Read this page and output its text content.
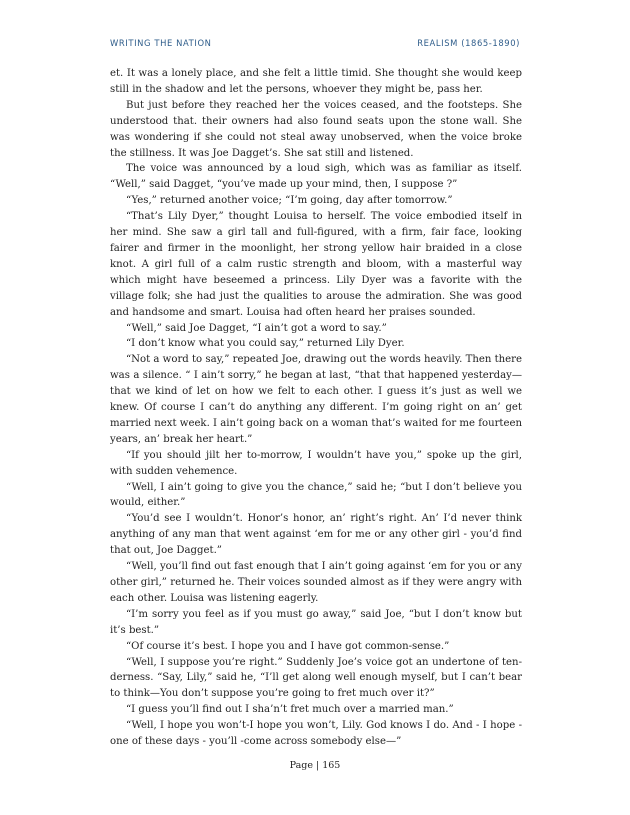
WRITING THE NATION	REALISM (1865-1890)

et. It was a lonely place, and she felt a little timid. She thought she would keep still in the shadow and let the persons, whoever they might be, pass her.

But just before they reached her the voices ceased, and the footsteps. She understood that. their owners had also found seats upon the stone wall. She was wondering if she could not steal away unobserved, when the voice broke the stillness. It was Joe Dagget’s. She sat still and listened.

The voice was announced by a loud sigh, which was as familiar as itself. “Well,” said Dagget, “you’ve made up your mind, then, I suppose ?”

“Yes,” returned another voice; “I’m going, day after tomorrow.”

“That’s Lily Dyer,” thought Louisa to herself. The voice embodied itself in her mind. She saw a girl tall and full-figured, with a firm, fair face, looking fairer and firmer in the moonlight, her strong yellow hair braided in a close knot. A girl full of a calm rustic strength and bloom, with a masterful way which might have beseemed a princess. Lily Dyer was a favorite with the village folk; she had just the qualities to arouse the admiration. She was good and handsome and smart. Louisa had often heard her praises sounded.

“Well,” said Joe Dagget, “I ain’t got a word to say.”

“I don’t know what you could say,” returned Lily Dyer.

“Not a word to say,” repeated Joe, drawing out the words heavily. Then there was a silence. “ I ain’t sorry,” he began at last, “that that happened yesterday—that we kind of let on how we felt to each other. I guess it’s just as well we knew. Of course I can’t do anything any different. I’m going right on an’ get married next week. I ain’t going back on a woman that’s waited for me fourteen years, an’ break her heart.”

“If you should jilt her to-morrow, I wouldn’t have you,” spoke up the girl, with sudden vehemence.

“Well, I ain’t going to give you the chance,” said he; “but I don’t believe you would, either.”

“You’d see I wouldn’t. Honor’s honor, an’ right’s right. An’ I’d never think anything of any man that went against ‘em for me or any other girl - you’d find that out, Joe Dagget.”

“Well, you’ll find out fast enough that I ain’t going against ‘em for you or any other girl,” returned he. Their voices sounded almost as if they were angry with each other. Louisa was listening eagerly.

“I’m sorry you feel as if you must go away,” said Joe, “but I don’t know but it’s best.”

“Of course it’s best. I hope you and I have got common-sense.”

“Well, I suppose you’re right.” Suddenly Joe’s voice got an undertone of tenderness. “Say, Lily,” said he, “I’ll get along well enough myself, but I can’t bear to think—You don’t suppose you’re going to fret much over it?”

“I guess you’ll find out I sha’n’t fret much over a married man.”

“Well, I hope you won’t-I hope you won’t, Lily. God knows I do. And - I hope - one of these days - you’ll -come across somebody else—”

Page | 165
